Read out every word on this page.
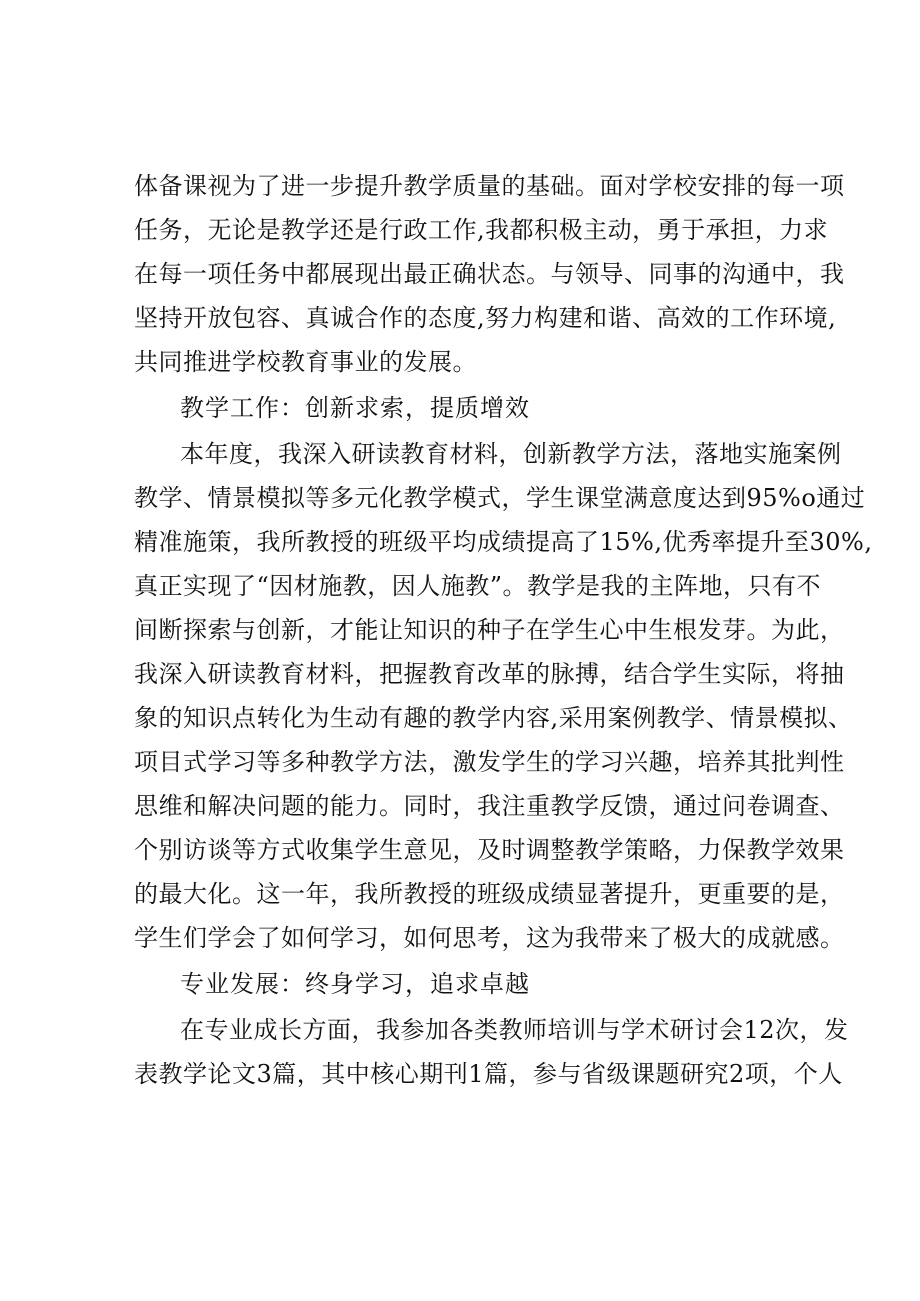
体备课视为了进一步提升教学质量的基础。面对学校安排的每一项
任务，无论是教学还是行政工作,我都积极主动，勇于承担，力求
在每一项任务中都展现出最正确状态。与领导、同事的沟通中，我
坚持开放包容、真诚合作的态度,努力构建和谐、高效的工作环境,
共同推进学校教育事业的发展。
教学工作：创新求索，提质增效
本年度，我深入研读教育材料，创新教学方法，落地实施案例
教学、情景模拟等多元化教学模式，学生课堂满意度达到95%o通过
精准施策，我所教授的班级平均成绩提高了15%,优秀率提升至30%,
真正实现了“因材施教，因人施教”。教学是我的主阵地，只有不
间断探索与创新，才能让知识的种子在学生心中生根发芽。为此，
我深入研读教育材料，把握教育改革的脉搏，结合学生实际，将抽
象的知识点转化为生动有趣的教学内容,采用案例教学、情景模拟、
项目式学习等多种教学方法，激发学生的学习兴趣，培养其批判性
思维和解决问题的能力。同时，我注重教学反馈，通过问卷调查、
个别访谈等方式收集学生意见，及时调整教学策略，力保教学效果
的最大化。这一年，我所教授的班级成绩显著提升，更重要的是，
学生们学会了如何学习，如何思考，这为我带来了极大的成就感。
专业发展：终身学习，追求卓越
在专业成长方面，我参加各类教师培训与学术研讨会12次，发
表教学论文3篇，其中核心期刊1篇，参与省级课题研究2项，个人
